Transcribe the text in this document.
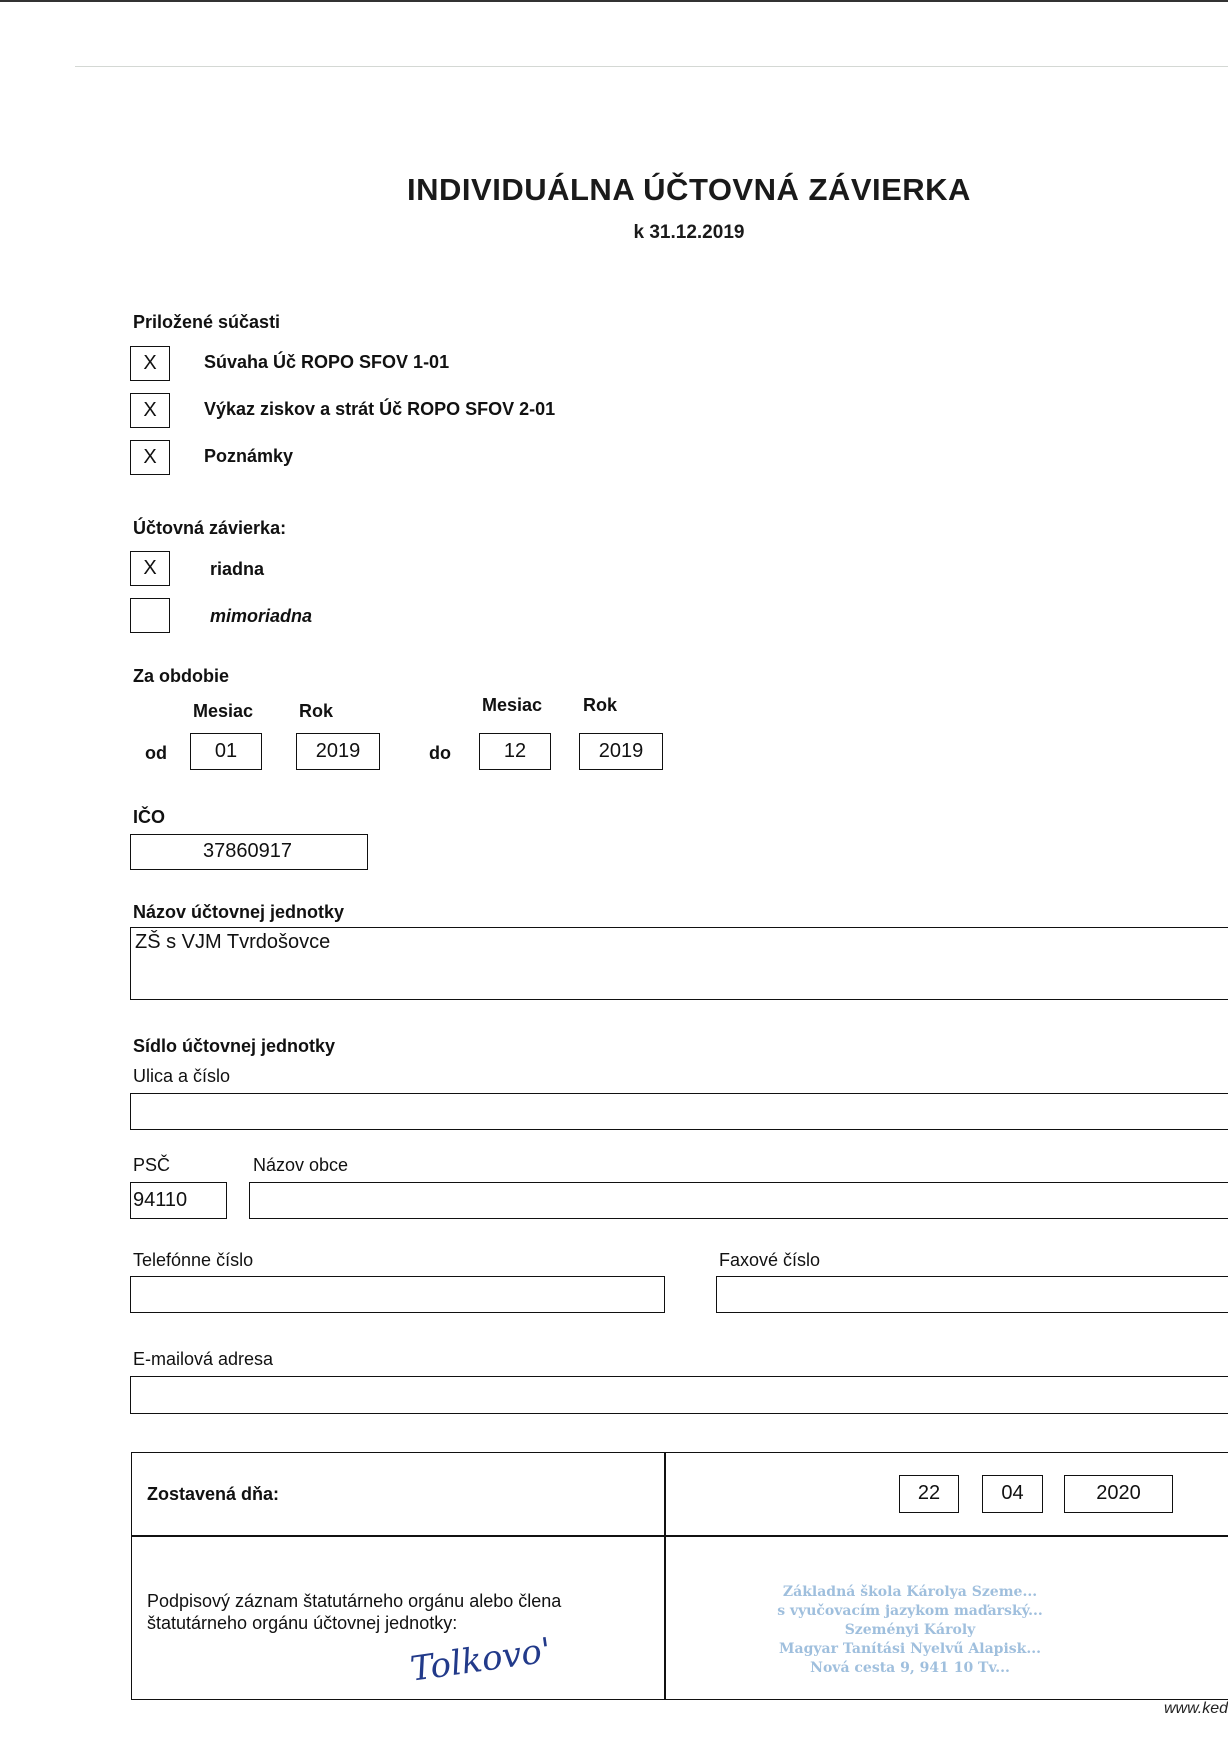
INDIVIDUÁLNA ÚČTOVNÁ ZÁVIERKA
k 31.12.2019
Priložené súčasti
X	Súvaha Úč ROPO SFOV 1-01
X	Výkaz ziskov a strát Úč ROPO SFOV 2-01
X	Poznámky
Účtovná závierka:
X	riadna
mimoriadna
Za obdobie
Mesiac	Rok	Mesiac Rok
od	01	2019	do	12	2019
IČO
37860917
Názov účtovnej jednotky
ZŠ s VJM Tvrdošovce
Sídlo účtovnej jednotky
Ulica a číslo
PSČ	Názov obce
94110
Telefónne číslo	Faxové číslo
E-mailová adresa
Zostavená dňa:	22	04	2020
Podpisový záznam štatutárneho orgánu alebo člena
štatutárneho orgánu účtovnej jednotky:
Tolkovo'
Základná škola Károlya Szeme...
s vyučovacím jazykom maďarský...
Szeményi Károly
Magyar Tanítási Nyelvű Alapisk...
Nová cesta 9, 941 10 Tv...
www.ked
